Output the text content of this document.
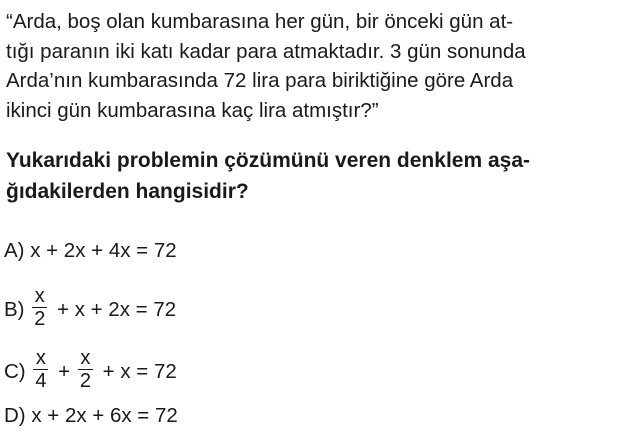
“Arda, boş olan kumbarasına her gün, bir önceki gün at-
tığı paranın iki katı kadar para atmaktadır. 3 gün sonunda
Arda’nın kumbarasında 72 lira para biriktiğine göre Arda
ikinci gün kumbarasına kaç lira atmıştır?”
Yukarıdaki problemin çözümünü veren denklem aşa-
ğıdakilerden hangisidir?
A) x + 2x + 4x = 72
$B) \frac{x}{2} + x + 2x = 72$
$C) \frac{x}{4} + \frac{x}{2} + x = 72$
D) x + 2x + 6x = 72
